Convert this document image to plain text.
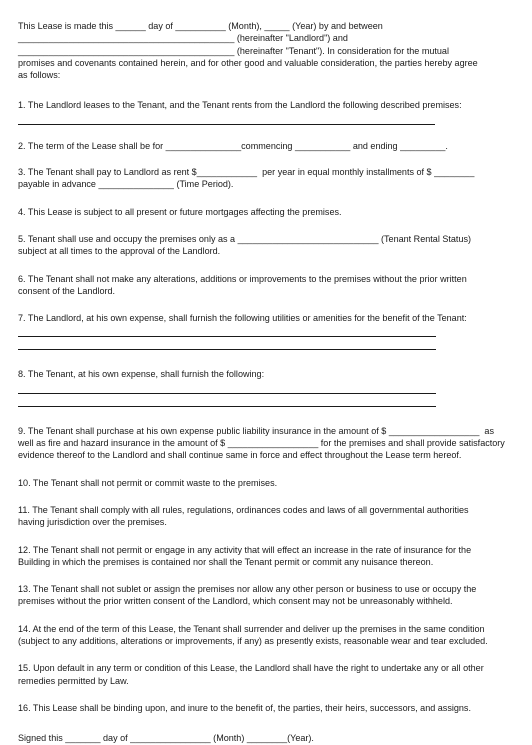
This Lease is made this ______ day of __________ (Month), _____ (Year) by and between

___________________________________________ (hereinafter "Landlord") and

___________________________________________ (hereinafter "Tenant"). In consideration for the mutual

promises and covenants contained herein, and for other good and valuable consideration, the parties hereby agree

as follows:

1. The Landlord leases to the Tenant, and the Tenant rents from the Landlord the following described premises:

2. The term of the Lease shall be for _______________commencing ___________ and ending _________.

3. The Tenant shall pay to Landlord as rent $____________  per year in equal monthly installments of $ ________

payable in advance _______________ (Time Period).

4. This Lease is subject to all present or future mortgages affecting the premises.

5. Tenant shall use and occupy the premises only as a ____________________________ (Tenant Rental Status)

subject at all times to the approval of the Landlord.

6. The Tenant shall not make any alterations, additions or improvements to the premises without the prior written

consent of the Landlord.

7. The Landlord, at his own expense, shall furnish the following utilities or amenities for the benefit of the Tenant:

8. The Tenant, at his own expense, shall furnish the following:

9. The Tenant shall purchase at his own expense public liability insurance in the amount of $ __________________  as

well as fire and hazard insurance in the amount of $ __________________ for the premises and shall provide satisfactory

evidence thereof to the Landlord and shall continue same in force and effect throughout the Lease term hereof.

10. The Tenant shall not permit or commit waste to the premises.

11. The Tenant shall comply with all rules, regulations, ordinances codes and laws of all governmental authorities

having jurisdiction over the premises.

12. The Tenant shall not permit or engage in any activity that will effect an increase in the rate of insurance for the

Building in which the premises is contained nor shall the Tenant permit or commit any nuisance thereon.

13. The Tenant shall not sublet or assign the premises nor allow any other person or business to use or occupy the

premises without the prior written consent of the Landlord, which consent may not be unreasonably withheld.

14. At the end of the term of this Lease, the Tenant shall surrender and deliver up the premises in the same condition

(subject to any additions, alterations or improvements, if any) as presently exists, reasonable wear and tear excluded.

15. Upon default in any term or condition of this Lease, the Landlord shall have the right to undertake any or all other

remedies permitted by Law.

16. This Lease shall be binding upon, and inure to the benefit of, the parties, their heirs, successors, and assigns.

Signed this _______ day of ________________ (Month) ________(Year).
